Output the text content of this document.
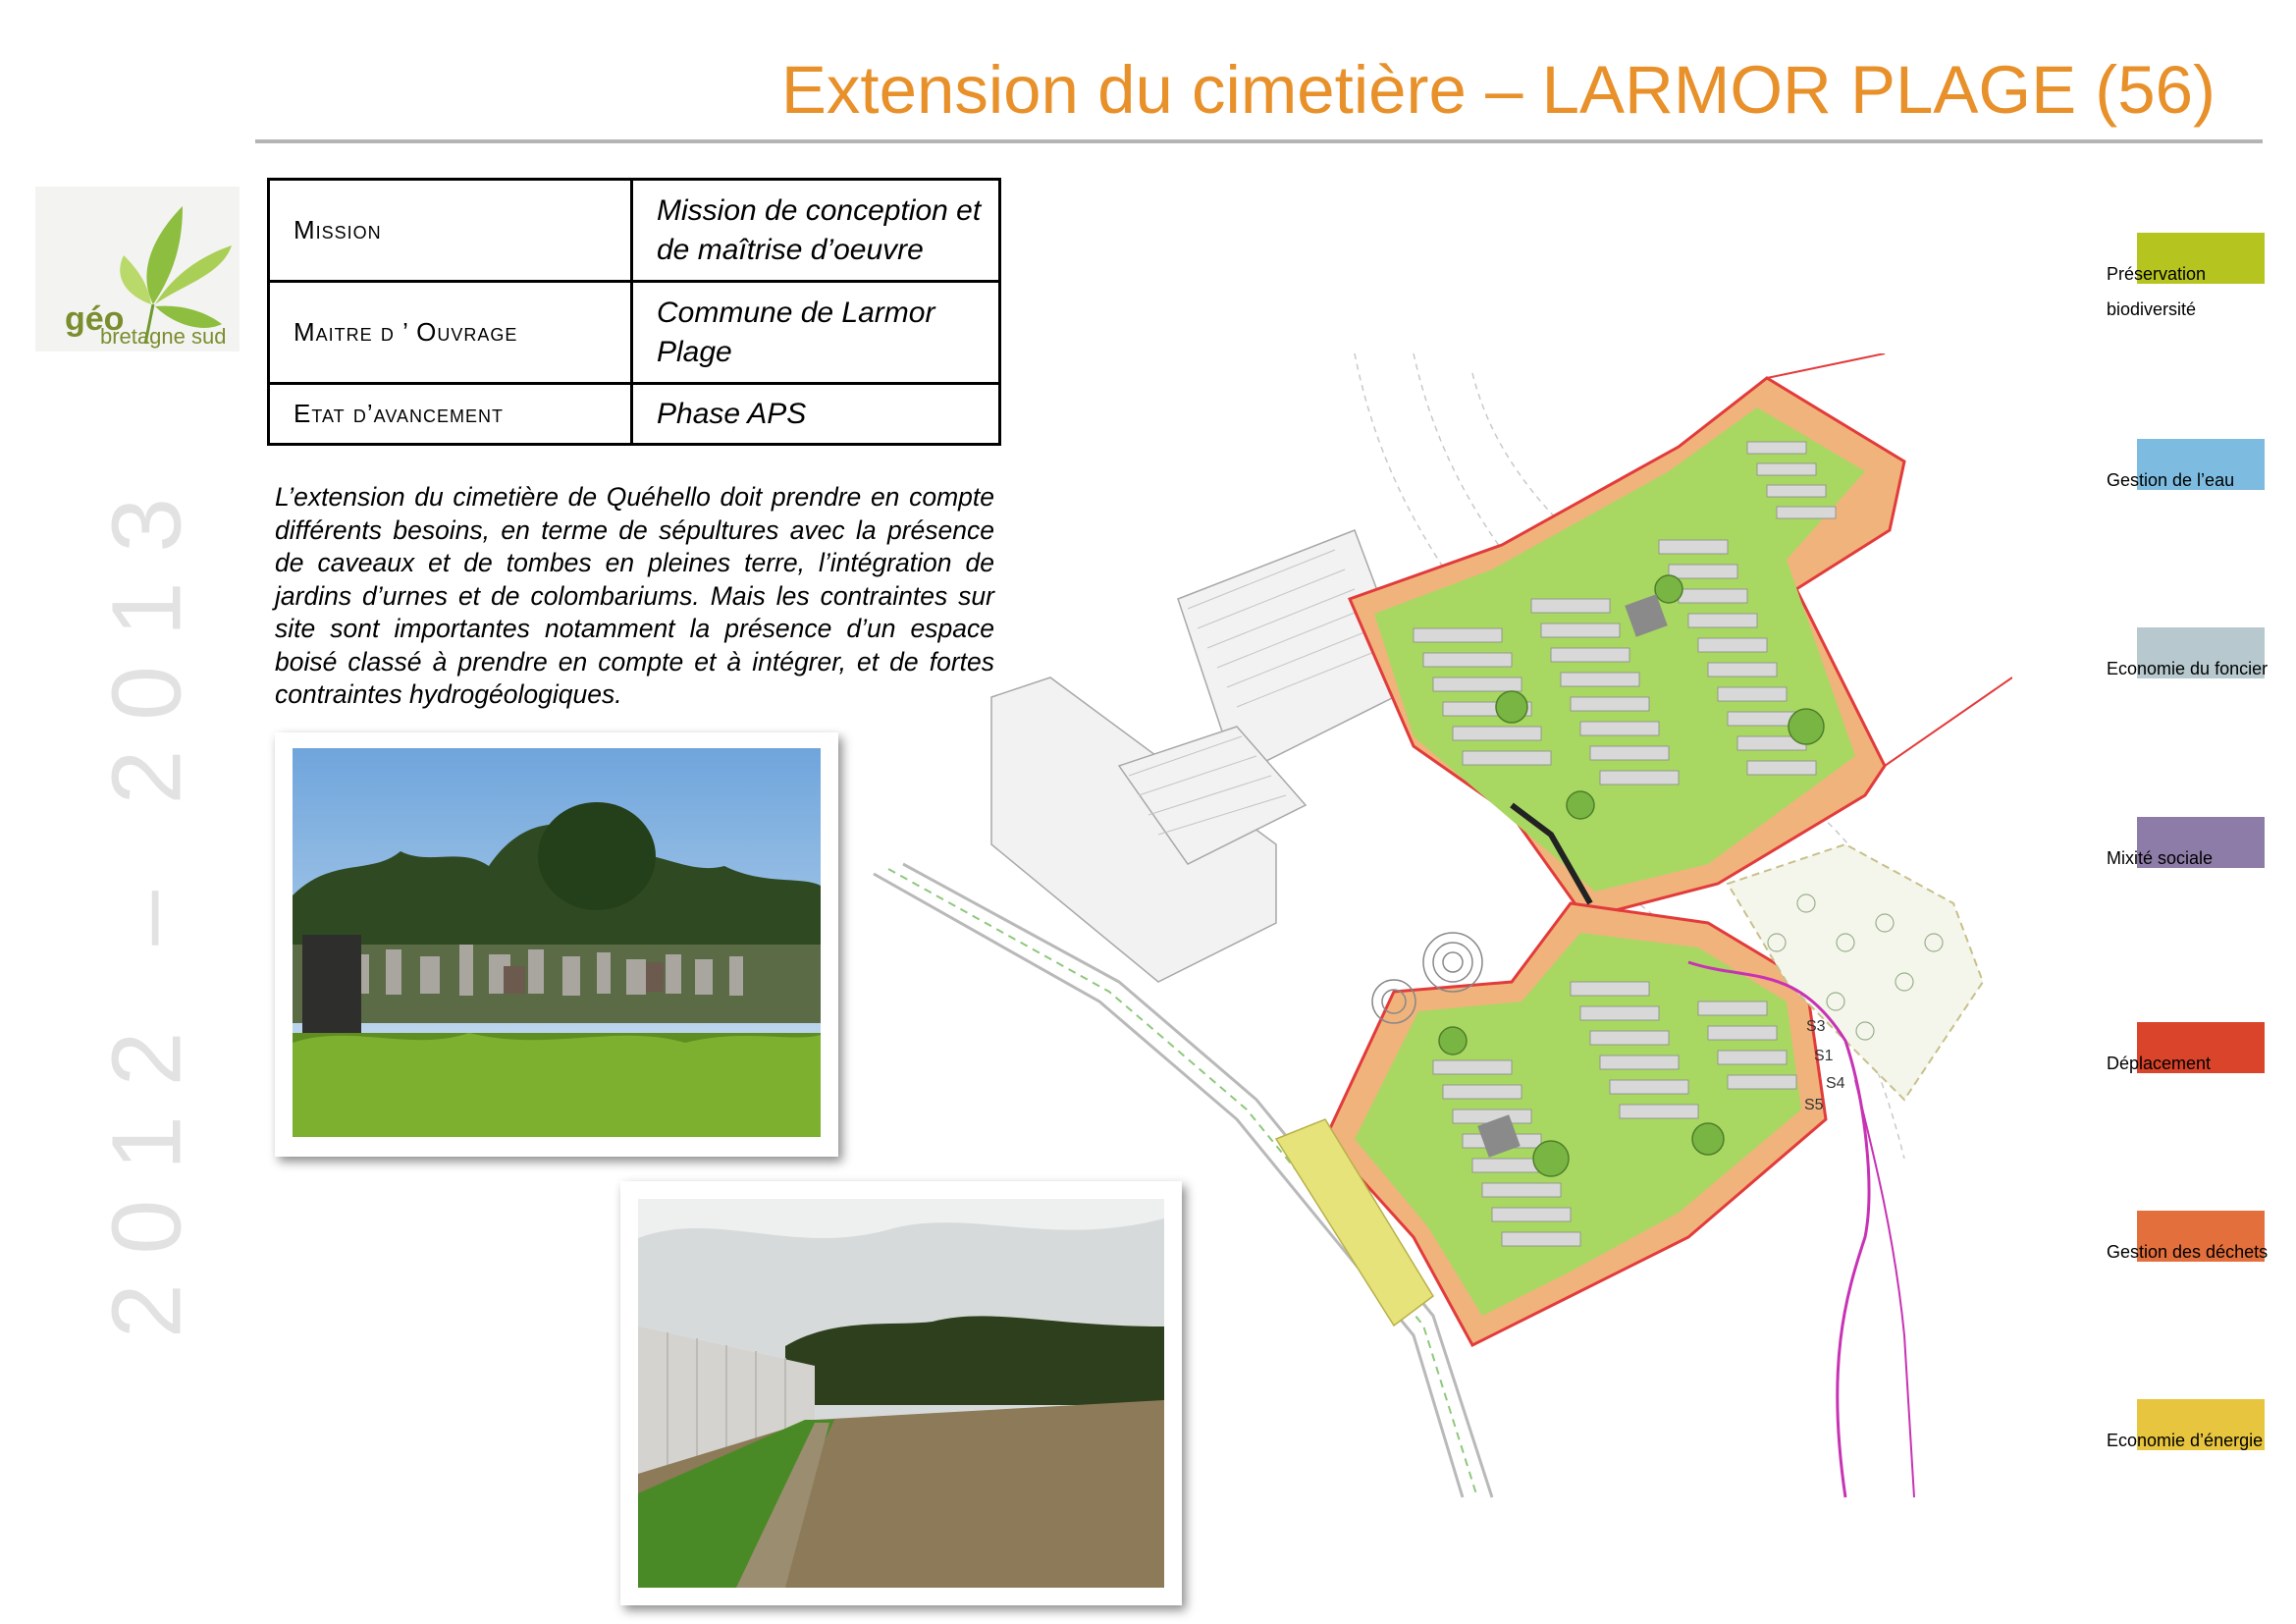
Extension du cimetière – LARMOR PLAGE (56)
2012 – 2013
géo
bretagne sud
Mission	Mission de conception et de maîtrise d’oeuvre
Maitre d ’ Ouvrage	Commune de Larmor Plage
Etat d’avancement	Phase APS
L’extension du cimetière de Quéhello doit prendre en compte différents besoins, en terme de sépultures avec la présence de caveaux et de tombes en pleines terre, l’intégration de jardins d’urnes et de colombariums. Mais les contraintes sur site sont importantes notamment la présence d’un espace boisé classé à prendre en compte et à intégrer, et de fortes contraintes hydrogéologiques.
S1
S3
S4
S5
Préservation
biodiversité
Gestion de l’eau
Economie du foncier
Mixité sociale
Déplacement
Gestion des déchets
Economie d’énergie
